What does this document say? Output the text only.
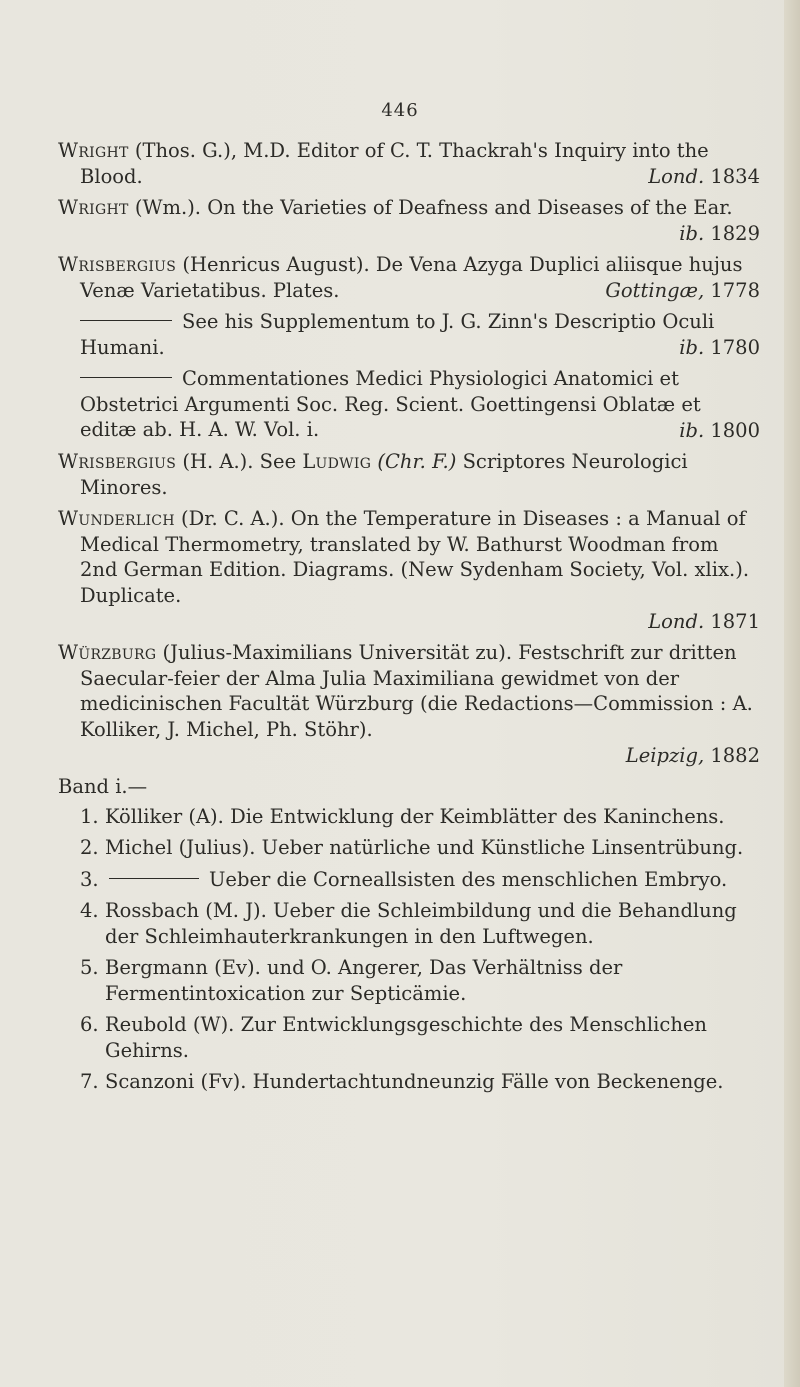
446
Wright (Thos. G.), M.D. Editor of C. T. Thackrah's Inquiry into the Blood.	Lond. 1834
Wright (Wm.). On the Varieties of Deafness and Diseases of the Ear.
ib. 1829
Wrisbergius (Henricus August). De Vena Azyga Duplici aliisque hujus Venæ Varietatibus. Plates.	Gottingæ, 1778
See his Supplementum to J. G. Zinn's Descriptio Oculi Humani.	ib. 1780
Commentationes Medici Physiologici Anatomici et Obstetrici Argumenti Soc. Reg. Scient. Goettingensi Oblatæ et editæ ab. H. A. W. Vol. i.	ib. 1800
Wrisbergius (H. A.). See Ludwig (Chr. F.) Scriptores Neurologici Minores.
Wunderlich (Dr. C. A.). On the Temperature in Diseases : a Manual of Medical Thermometry, translated by W. Bathurst Woodman from 2nd German Edition. Diagrams. (New Sydenham Society, Vol. xlix.). Duplicate.
Lond. 1871
Würzburg (Julius-Maximilians Universität zu). Festschrift zur dritten Saecular-feier der Alma Julia Maximiliana gewidmet von der medicinischen Facultät Würzburg (die Redactions—Commission : A. Kolliker, J. Michel, Ph. Stöhr).
Leipzig, 1882
Band i.—
1. Kölliker (A). Die Entwicklung der Keimblätter des Kaninchens.
2. Michel (Julius). Ueber natürliche und Künstliche Linsentrübung.
3.	Ueber die Corneallsisten des menschlichen Embryo.
4. Rossbach (M. J). Ueber die Schleimbildung und die Behandlung der Schleimhauterkrankungen in den Luftwegen.
5. Bergmann (Ev). und O. Angerer, Das Verhältniss der Fermentintoxication zur Septicämie.
6. Reubold (W). Zur Entwicklungsgeschichte des Menschlichen Gehirns.
7. Scanzoni (Fv). Hundertachtundneunzig Fälle von Beckenenge.
